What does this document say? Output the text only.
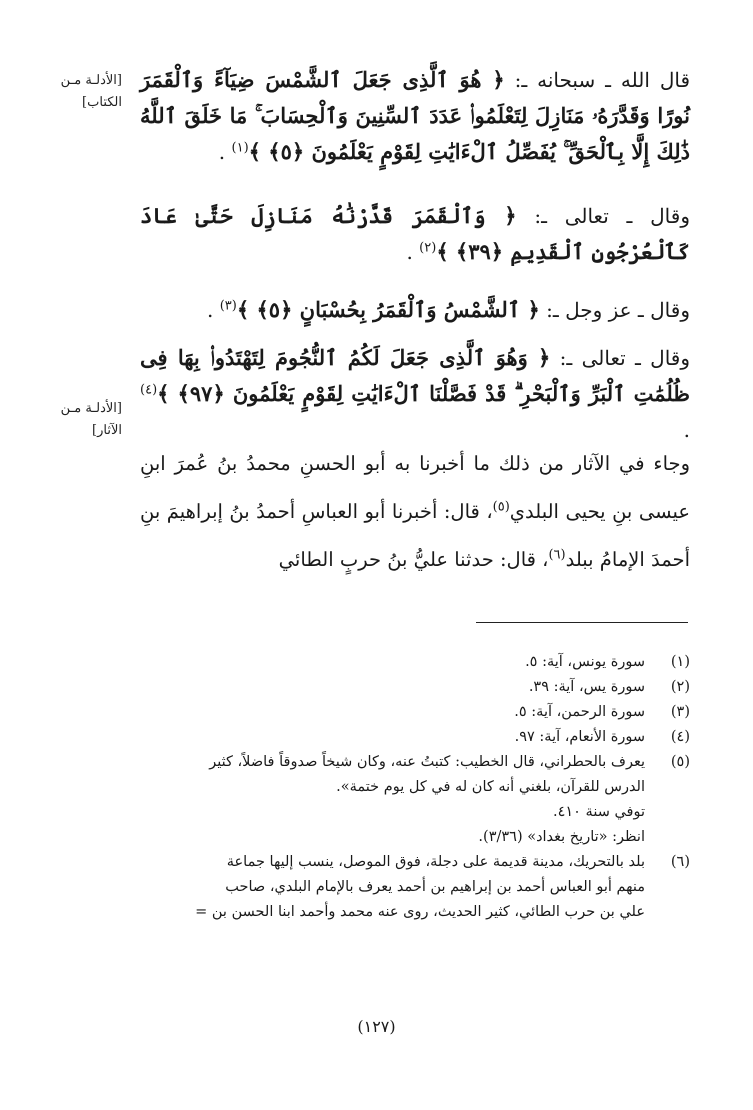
[الأدلـة مـن الكتاب]
[الأدلـة مـن الآثار]
قال الله ـ سبحانه ـ: ﴿ هُوَ ٱلَّذِى جَعَلَ ٱلشَّمْسَ ضِيَآءً وَٱلْقَمَرَ نُورًا وَقَدَّرَهُۥ مَنَازِلَ لِتَعْلَمُوا۟ عَدَدَ ٱلسِّنِينَ وَٱلْحِسَابَ ۚ مَا خَلَقَ ٱللَّهُ ذَٰلِكَ إِلَّا بِٱلْحَقِّ ۚ يُفَصِّلُ ٱلْءَايَٰتِ لِقَوْمٍ يَعْلَمُونَ ﴿٥﴾ ﴾$^{(١)}$ .
وقال ـ تعالى ـ: ﴿ وَٱلْقَمَرَ قَدَّرْنَٰهُ مَنَازِلَ حَتَّىٰ عَادَ كَٱلْعُرْجُونِ ٱلْقَدِيمِ ﴿٣٩﴾ ﴾$^{(٢)}$ .
وقال ـ عز وجل ـ: ﴿ ٱلشَّمْسُ وَٱلْقَمَرُ بِحُسْبَانٍ ﴿٥﴾ ﴾$^{(٣)}$ .
وقال ـ تعالى ـ: ﴿ وَهُوَ ٱلَّذِى جَعَلَ لَكُمُ ٱلنُّجُومَ لِتَهْتَدُوا۟ بِهَا فِى ظُلُمَٰتِ ٱلْبَرِّ وَٱلْبَحْرِ ۗ قَدْ فَصَّلْنَا ٱلْءَايَٰتِ لِقَوْمٍ يَعْلَمُونَ ﴿٩٧﴾ ﴾$^{(٤)}$ .
وجاء في الآثار من ذلك ما أخبرنا به أبو الحسنِ محمدُ بنُ عُمرَ ابنِ عيسى بنِ يحيى البلدي$^{(٥)}$، قال: أخبرنا أبو العباسِ أحمدُ بنُ إبراهيمَ بنِ أحمدَ الإمامُ ببلد$^{(٦)}$، قال: حدثنا عليُّ بنُ حربٍ الطائي
(١)
سورة يونس، آية: ٥.
(٢)
سورة يس، آية: ٣٩.
(٣)
سورة الرحمن، آية: ٥.
(٤)
سورة الأنعام، آية: ٩٧.
(٥)
يعرف بالحطراني، قال الخطيب: كتبتُ عنه، وكان شيخاً صدوقاً فاضلاً، كثير
الدرس للقرآن، بلغني أنه كان له في كل يوم ختمة».
توفي سنة ٤١٠.
انظر: «تاريخ بغداد» (٣/٣٦).
(٦)
بلد بالتحريك، مدينة قديمة على دجلة، فوق الموصل، ينسب إليها جماعة
منهم أبو العباس أحمد بن إبراهيم بن أحمد يعرف بالإمام البلدي، صاحب
علي بن حرب الطائي، كثير الحديث، روى عنه محمد وأحمد ابنا الحسن بن =
(١٢٧)
